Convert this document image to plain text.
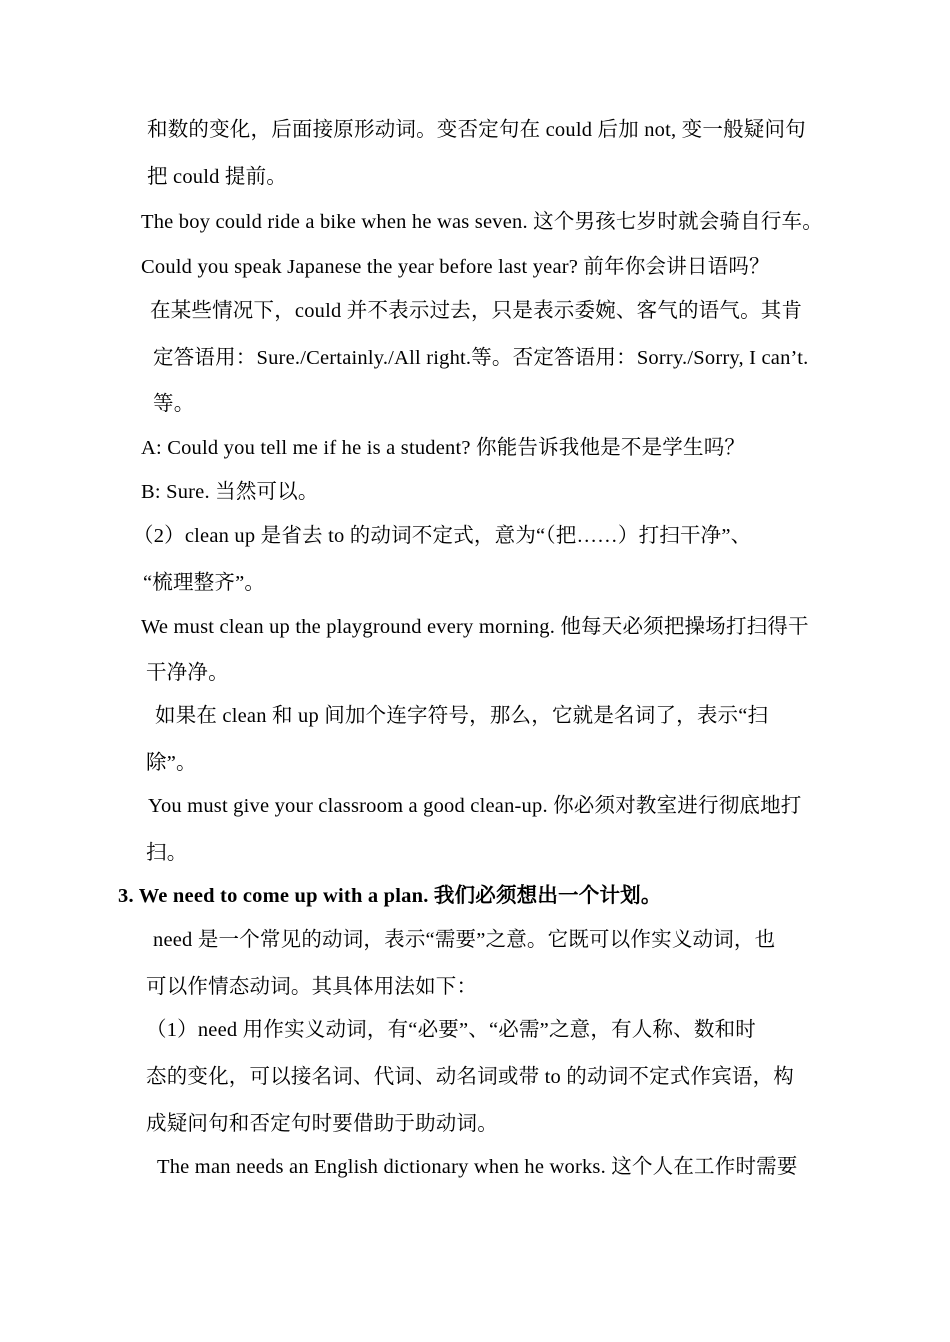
和数的变化，后面接原形动词。变否定句在 could 后加 not, 变一般疑问句
把 could 提前。
The boy could ride a bike when he was seven. 这个男孩七岁时就会骑自行车。
Could you speak Japanese the year before last year? 前年你会讲日语吗？
在某些情况下，could 并不表示过去，只是表示委婉、客气的语气。其肯
定答语用：Sure./Certainly./All right.等。否定答语用：Sorry./Sorry, I can’t.
等。
A: Could you tell me if he is a student? 你能告诉我他是不是学生吗？
B: Sure. 当然可以。
（2）clean up 是省去 to 的动词不定式，意为“（把……）打扫干净”、
“梳理整齐”。
We must clean up the playground every morning. 他每天必须把操场打扫得干
干净净。
如果在 clean 和 up 间加个连字符号，那么，它就是名词了，表示“扫
除”。
You must give your classroom a good clean-up. 你必须对教室进行彻底地打
扫。
3. We need to come up with a plan. 我们必须想出一个计划。
need 是一个常见的动词，表示“需要”之意。它既可以作实义动词，也
可以作情态动词。其具体用法如下：
（1）need 用作实义动词，有“必要”、“必需”之意，有人称、数和时
态的变化，可以接名词、代词、动名词或带 to 的动词不定式作宾语，构
成疑问句和否定句时要借助于助动词。
The man needs an English dictionary when he works. 这个人在工作时需要
